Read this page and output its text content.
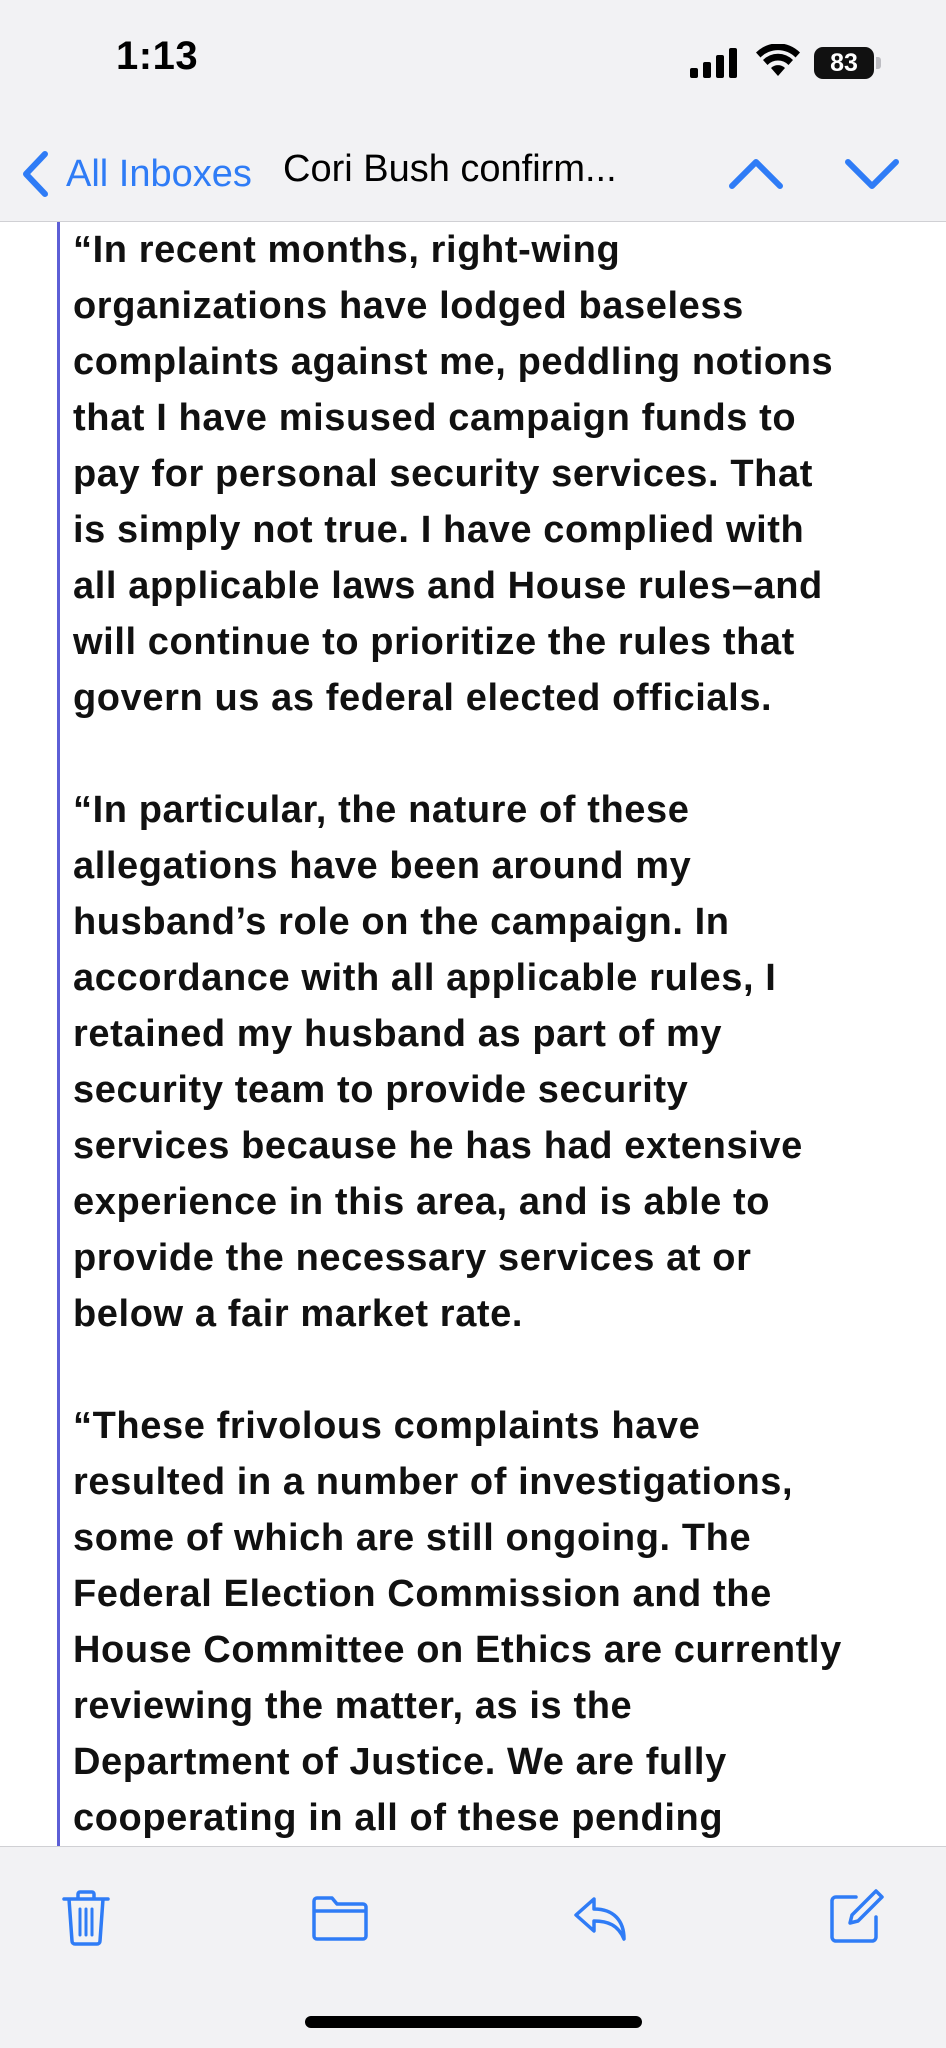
1:13	83
All Inboxes Cori Bush confirm...
“In recent months, right-wing
organizations have lodged baseless
complaints against me, peddling notions
that I have misused campaign funds to
pay for personal security services. That
is simply not true. I have complied with
all applicable laws and House rules–and
will continue to prioritize the rules that
govern us as federal elected officials.
“In particular, the nature of these
allegations have been around my
husband’s role on the campaign. In
accordance with all applicable rules, I
retained my husband as part of my
security team to provide security
services because he has had extensive
experience in this area, and is able to
provide the necessary services at or
below a fair market rate.
“These frivolous complaints have
resulted in a number of investigations,
some of which are still ongoing. The
Federal Election Commission and the
House Committee on Ethics are currently
reviewing the matter, as is the
Department of Justice. We are fully
cooperating in all of these pending
